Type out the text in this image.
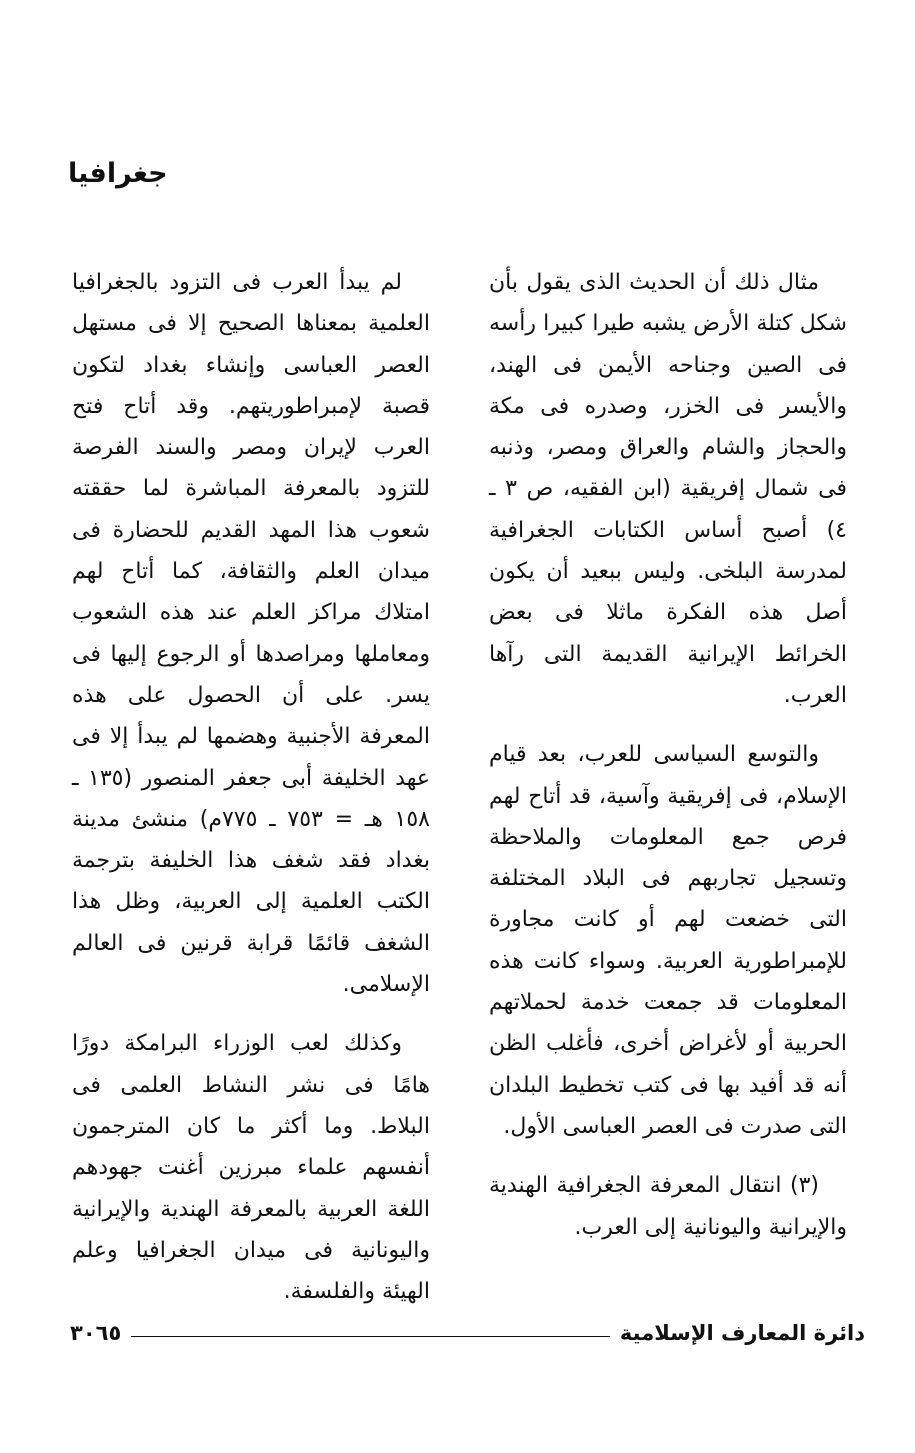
جغرافيا

مثال ذلك أن الحديث الذى يقول بأن شكل كتلة الأرض يشبه طيرا كبيرا رأسه فى الصين وجناحه الأيمن فى الهند، والأيسر فى الخزر، وصدره فى مكة والحجاز والشام والعراق ومصر، وذنبه فى شمال إفريقية (ابن الفقيه، ص ٣ ـ ٤) أصبح أساس الكتابات الجغرافية لمدرسة البلخى. وليس ببعيد أن يكون أصل هذه الفكرة ماثلا فى بعض الخرائط الإيرانية القديمة التى رآها العرب.

والتوسع السياسى للعرب، بعد قيام الإسلام، فى إفريقية وآسية، قد أتاح لهم فرص جمع المعلومات والملاحظة وتسجيل تجاربهم فى البلاد المختلفة التى خضعت لهم أو كانت مجاورة للإمبراطورية العربية. وسواء كانت هذه المعلومات قد جمعت خدمة لحملاتهم الحربية أو لأغراض أخرى، فأغلب الظن أنه قد أفيد بها فى كتب تخطيط البلدان التى صدرت فى العصر العباسى الأول.

(٣) انتقال المعرفة الجغرافية الهندية والإيرانية واليونانية إلى العرب.

لم يبدأ العرب فى التزود بالجغرافيا العلمية بمعناها الصحيح إلا فى مستهل العصر العباسى وإنشاء بغداد لتكون قصبة لإمبراطوريتهم. وقد أتاح فتح العرب لإيران ومصر والسند الفرصة للتزود بالمعرفة المباشرة لما حققته شعوب هذا المهد القديم للحضارة فى ميدان العلم والثقافة، كما أتاح لهم امتلاك مراكز العلم عند هذه الشعوب ومعاملها ومراصدها أو الرجوع إليها فى يسر. على أن الحصول على هذه المعرفة الأجنبية وهضمها لم يبدأ إلا فى عهد الخليفة أبى جعفر المنصور (١٣٥ ـ ١٥٨ هـ = ٧٥٣ ـ ٧٧٥م) منشئ مدينة بغداد فقد شغف هذا الخليفة بترجمة الكتب العلمية إلى العربية، وظل هذا الشغف قائمًا قرابة قرنين فى العالم الإسلامى.

وكذلك لعب الوزراء البرامكة دورًا هامًا فى نشر النشاط العلمى فى البلاط. وما أكثر ما كان المترجمون أنفسهم علماء مبرزين أغنت جهودهم اللغة العربية بالمعرفة الهندية والإيرانية واليونانية فى ميدان الجغرافيا وعلم الهيئة والفلسفة.

دائرة المعارف الإسلامية
٣٠٦٥
